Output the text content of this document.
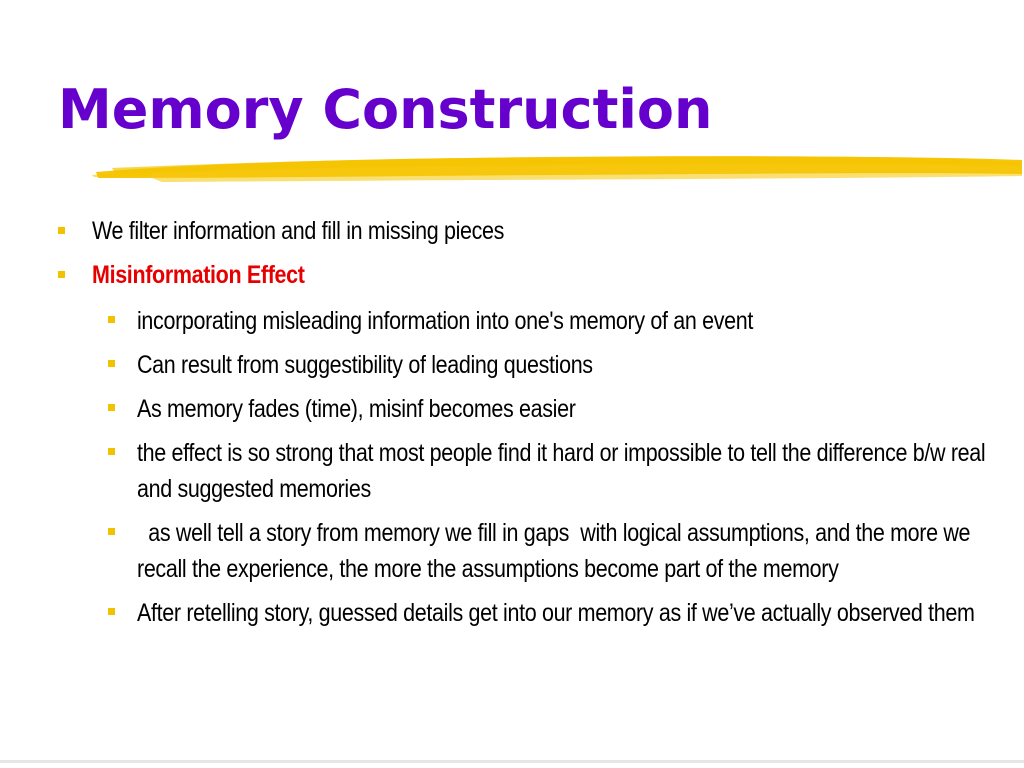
Memory Construction
We filter information and fill in missing pieces
Misinformation Effect
incorporating misleading information into one's memory of an event
Can result from suggestibility of leading questions
As memory fades (time), misinf becomes easier
the effect is so strong that most people find it hard or impossible to tell the difference b/w real and suggested memories
as well tell a story from memory we fill in gaps  with logical assumptions, and the more we recall the experience, the more the assumptions become part of the memory
After retelling story, guessed details get into our memory as if we’ve actually observed them
